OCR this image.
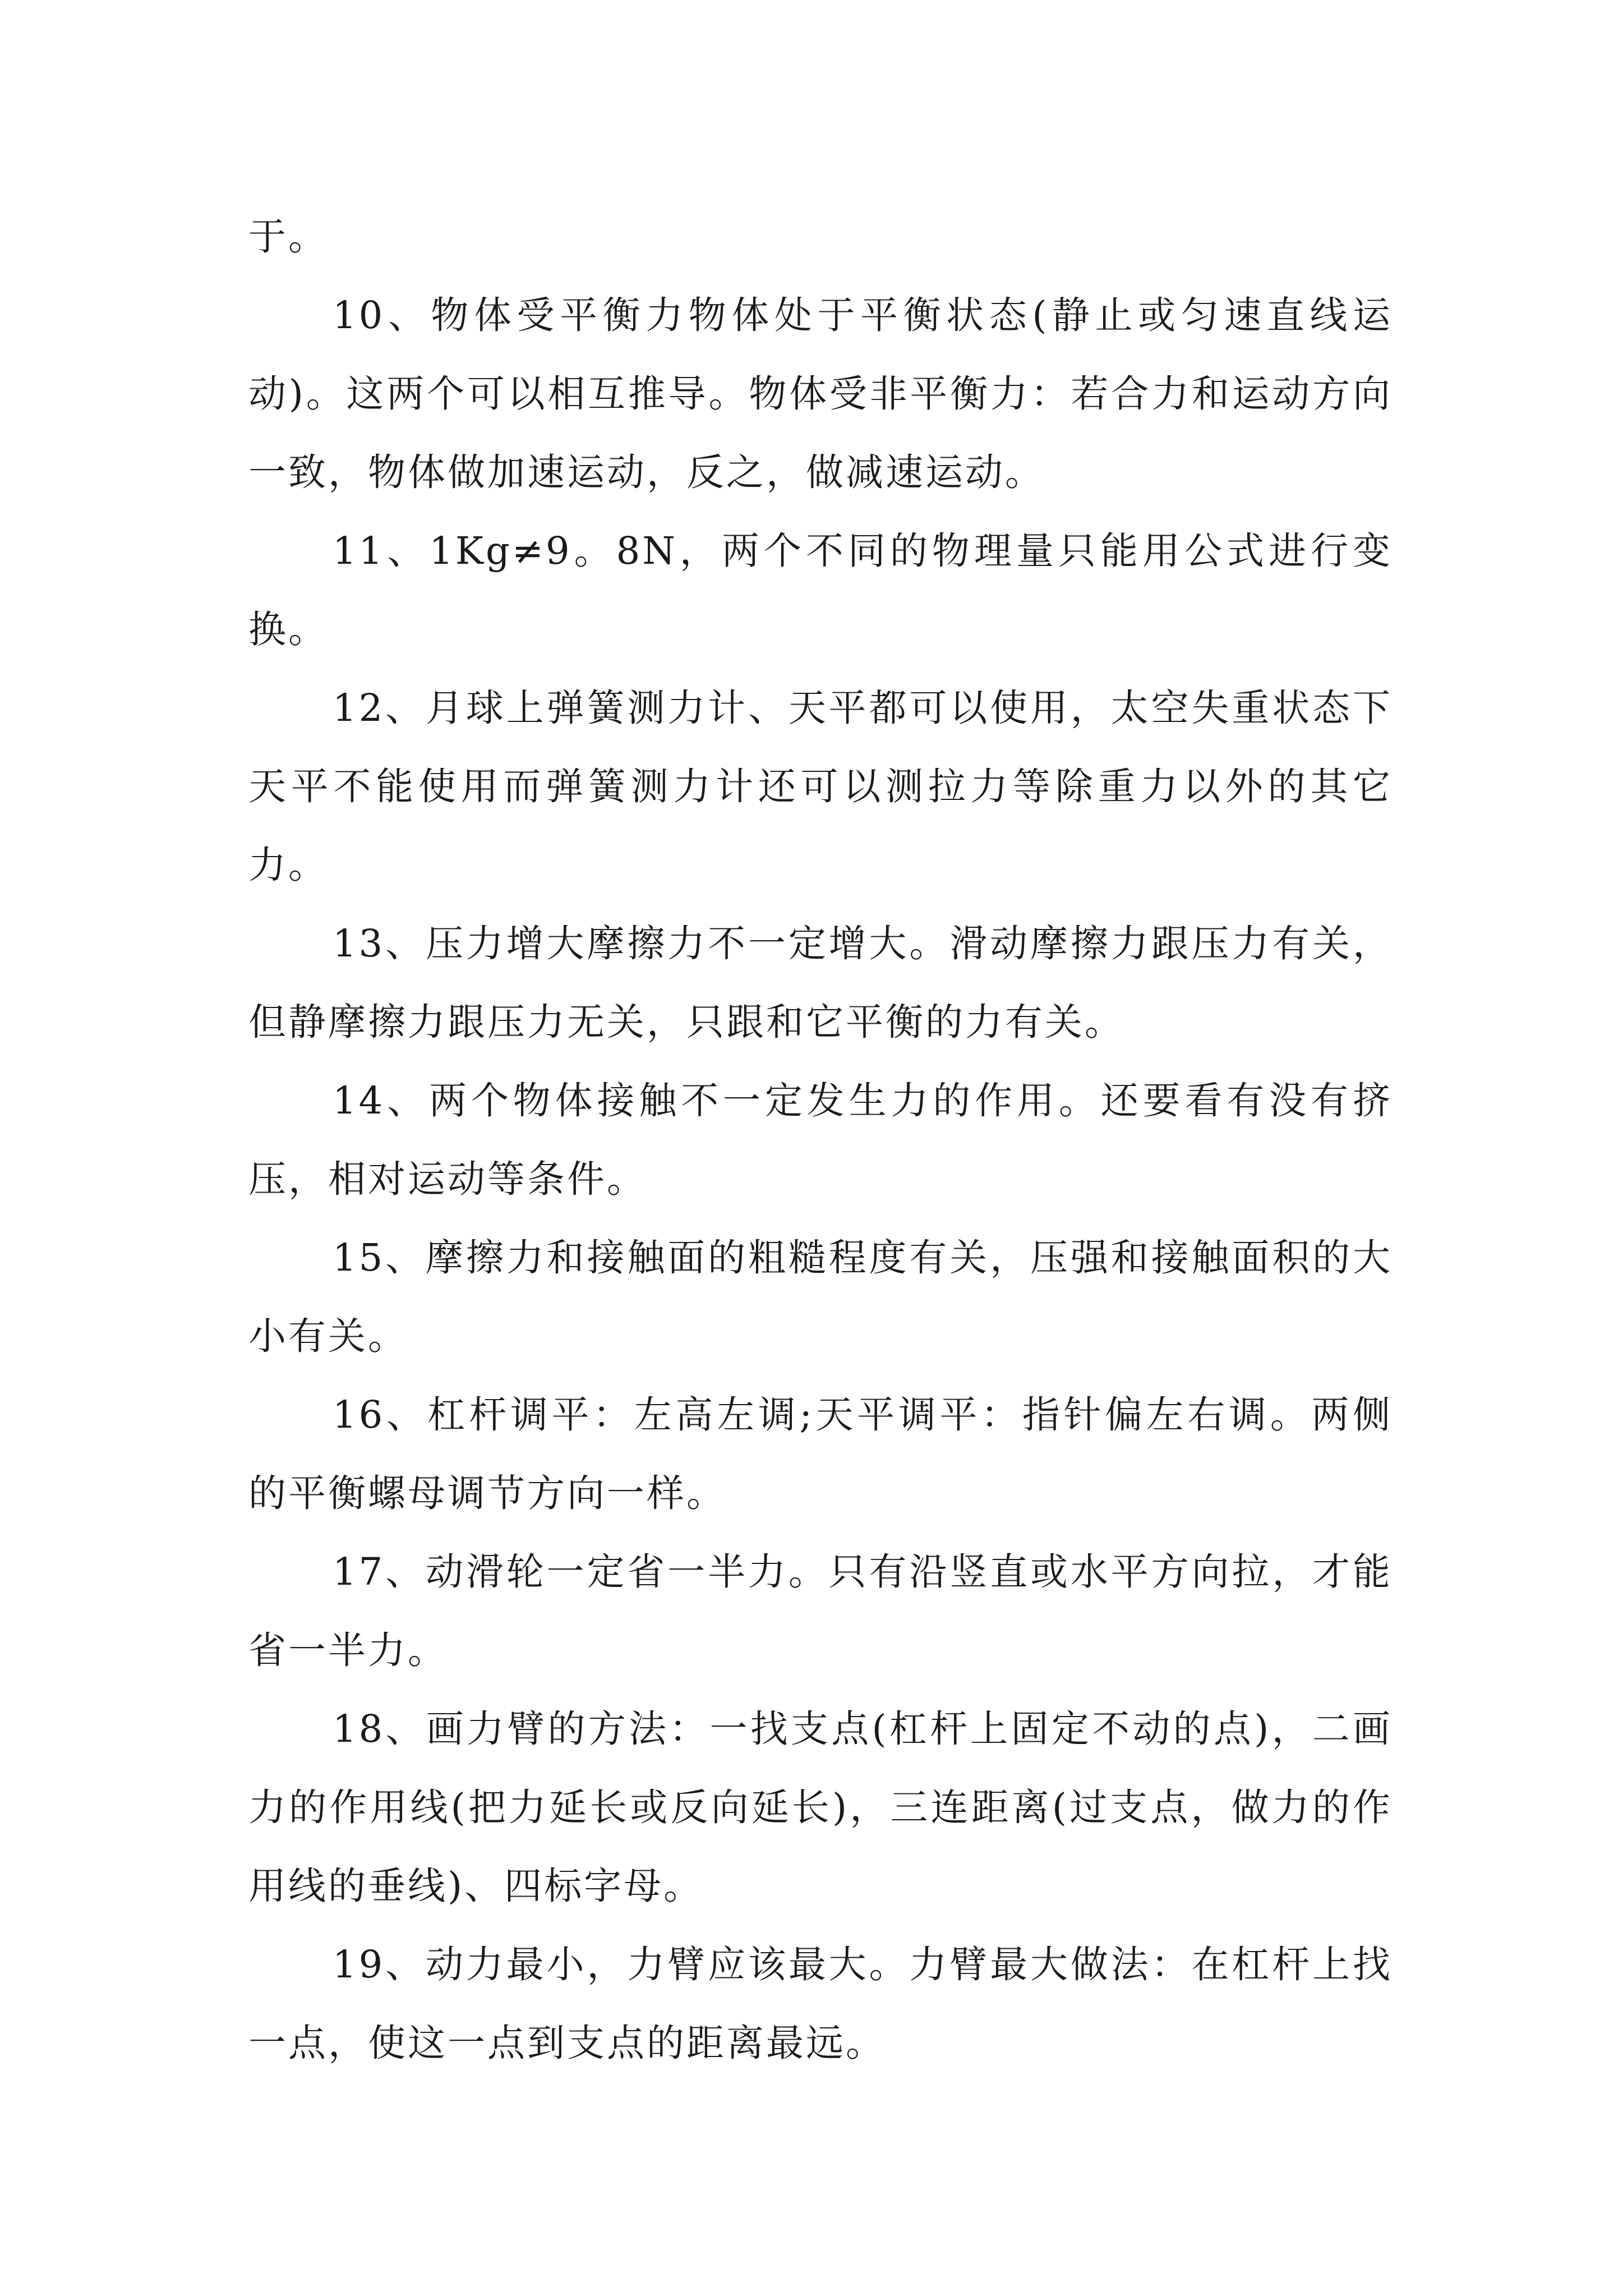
于。

10、物体受平衡力物体处于平衡状态(静止或匀速直线运动)。这两个可以相互推导。物体受非平衡力：若合力和运动方向一致，物体做加速运动，反之，做减速运动。

11、1Kg≠9。8N，两个不同的物理量只能用公式进行变换。

12、月球上弹簧测力计、天平都可以使用，太空失重状态下天平不能使用而弹簧测力计还可以测拉力等除重力以外的其它力。

13、压力增大摩擦力不一定增大。滑动摩擦力跟压力有关，但静摩擦力跟压力无关，只跟和它平衡的力有关。

14、两个物体接触不一定发生力的作用。还要看有没有挤压，相对运动等条件。

15、摩擦力和接触面的粗糙程度有关，压强和接触面积的大小有关。

16、杠杆调平：左高左调;天平调平：指针偏左右调。两侧的平衡螺母调节方向一样。

17、动滑轮一定省一半力。只有沿竖直或水平方向拉，才能省一半力。

18、画力臂的方法：一找支点(杠杆上固定不动的点)，二画力的作用线(把力延长或反向延长)，三连距离(过支点，做力的作用线的垂线)、四标字母。

19、动力最小，力臂应该最大。力臂最大做法：在杠杆上找一点，使这一点到支点的距离最远。
